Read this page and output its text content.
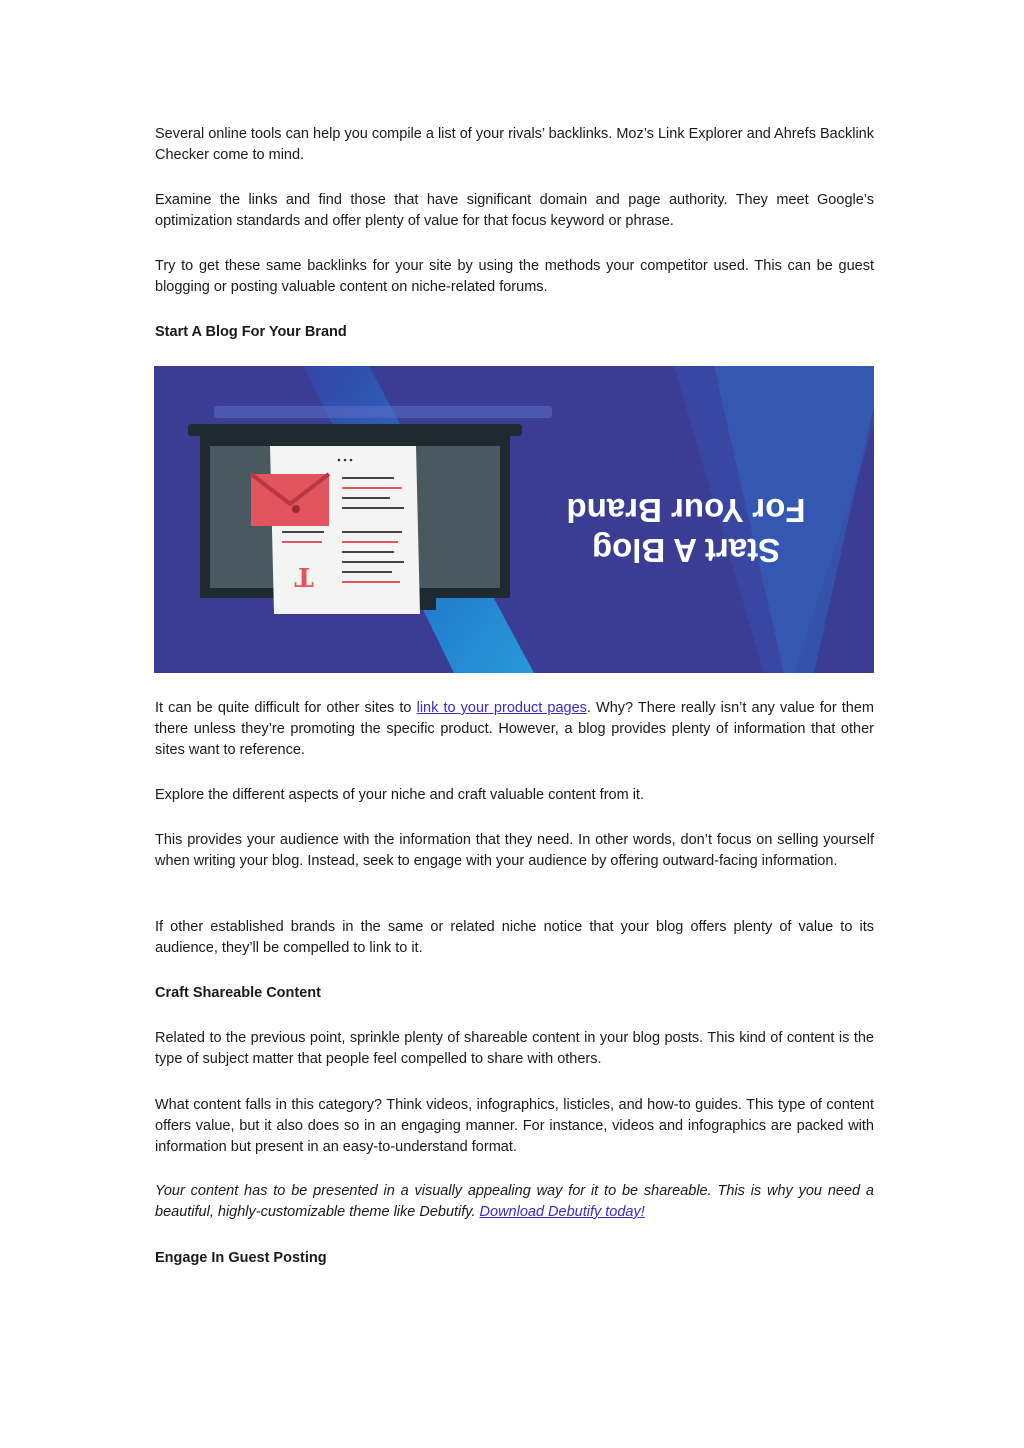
Several online tools can help you compile a list of your rivals’ backlinks. Moz’s Link Explorer and Ahrefs Backlink Checker come to mind.

Examine the links and find those that have significant domain and page authority. They meet Google’s optimization standards and offer plenty of value for that focus keyword or phrase.

Try to get these same backlinks for your site by using the methods your competitor used. This can be guest blogging or posting valuable content on niche-related forums.

Start A Blog For Your Brand
T
Start A Blog
For Your Brand

It can be quite difficult for other sites to link to your product pages. Why? There really isn’t any value for them there unless they’re promoting the specific product. However, a blog provides plenty of information that other sites want to reference.

Explore the different aspects of your niche and craft valuable content from it.

This provides your audience with the information that they need. In other words, don’t focus on selling yourself when writing your blog. Instead, seek to engage with your audience by offering outward-facing information.

If other established brands in the same or related niche notice that your blog offers plenty of value to its audience, they’ll be compelled to link to it.

Craft Shareable Content

Related to the previous point, sprinkle plenty of shareable content in your blog posts. This kind of content is the type of subject matter that people feel compelled to share with others.

What content falls in this category? Think videos, infographics, listicles, and how-to guides. This type of content offers value, but it also does so in an engaging manner. For instance, videos and infographics are packed with information but present in an easy-to-understand format.

Your content has to be presented in a visually appealing way for it to be shareable. This is why you need a beautiful, highly-customizable theme like Debutify. Download Debutify today!

Engage In Guest Posting
